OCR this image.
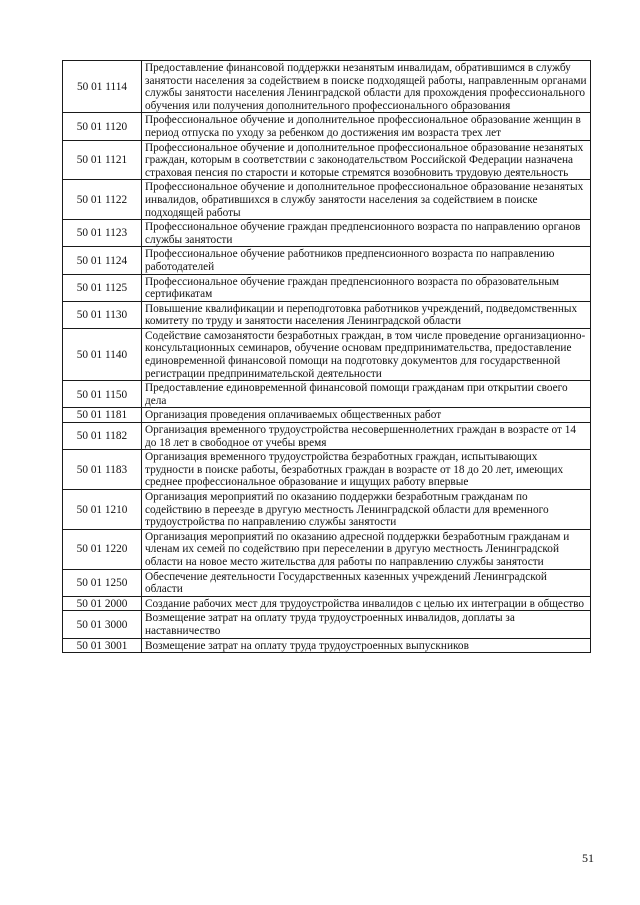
50 01 1114	Предоставление финансовой поддержки незанятым инвалидам, обратившимся в службу занятости населения за содействием в поиске подходящей работы, направленным органами службы занятости населения Ленинградской области для прохождения профессионального обучения или получения дополнительного профессионального образования
50 01 1120	Профессиональное обучение и дополнительное профессиональное образование женщин в период отпуска по уходу за ребенком до достижения им возраста трех лет
50 01 1121	Профессиональное обучение и дополнительное профессиональное образование незанятых граждан, которым в соответствии с законодательством Российской Федерации назначена страховая пенсия по старости и которые стремятся возобновить трудовую деятельность
50 01 1122	Профессиональное обучение и дополнительное профессиональное образование незанятых инвалидов, обратившихся в службу занятости населения за содействием в поиске подходящей работы
50 01 1123	Профессиональное обучение граждан предпенсионного возраста по направлению органов службы занятости
50 01 1124	Профессиональное обучение работников предпенсионного возраста по направлению работодателей
50 01 1125	Профессиональное обучение граждан предпенсионного возраста по образовательным сертификатам
50 01 1130	Повышение квалификации и переподготовка работников учреждений, подведомственных комитету по труду и занятости населения Ленинградской области
50 01 1140	Содействие самозанятости безработных граждан, в том числе проведение организационно-консультационных семинаров, обучение основам предпринимательства, предоставление единовременной финансовой помощи на подготовку документов для государственной регистрации предпринимательской деятельности
50 01 1150	Предоставление единовременной финансовой помощи гражданам при открытии своего дела
50 01 1181	Организация проведения оплачиваемых общественных работ
50 01 1182	Организация временного трудоустройства несовершеннолетних граждан в возрасте от 14 до 18 лет в свободное от учебы время
50 01 1183	Организация временного трудоустройства безработных граждан, испытывающих трудности в поиске работы, безработных граждан в возрасте от 18 до 20 лет, имеющих среднее профессиональное образование и ищущих работу впервые
50 01 1210	Организация мероприятий по оказанию поддержки безработным гражданам по содействию в переезде в другую местность Ленинградской области для временного трудоустройства по направлению службы занятости
50 01 1220	Организация мероприятий по оказанию адресной поддержки безработным гражданам и членам их семей по содействию при переселении в другую местность Ленинградской области на новое место жительства для работы по направлению службы занятости
50 01 1250	Обеспечение деятельности Государственных казенных учреждений Ленинградской области
50 01 2000	Создание рабочих мест для трудоустройства инвалидов с целью их интеграции в общество
50 01 3000	Возмещение затрат на оплату труда трудоустроенных инвалидов, доплаты за наставничество
50 01 3001	Возмещение затрат на оплату труда трудоустроенных выпускников
51
